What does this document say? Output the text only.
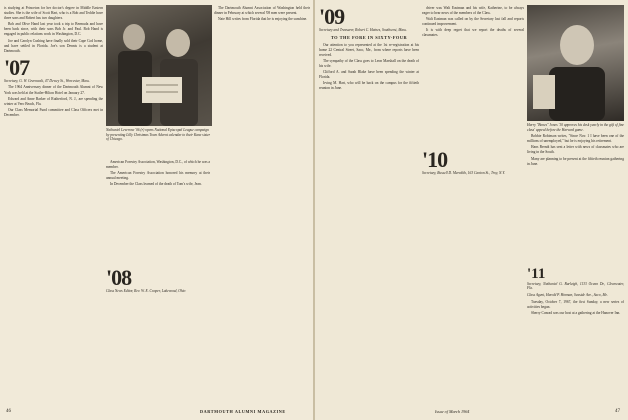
is studying at Princeton for her doctor's degree in Middle Eastern studies. She is the wife of Scott Hart, who is a Bob and Teddie have three sons and Robert has two daughters.

Bob and Olive Hand last year took a trip to Bermuda and have been back since, with their sons Bob Jr. and Paul. Bob Hand is engaged in public relations work in Washington, D.C.

Joe and Carolyn Cushing have finally sold their Cape Cod home, and have settled in Florida. Joe's son Dennis is a student at Dartmouth.

'07
Secretary, G. W. Greenwalt, 47 Dewey St., Worcester, Mass.

The 1964 Anniversary dinner of the Dartmouth Alumni of New York was held at the Statler-Hilton Hotel on January 27.

Edward and Anne Barker of Rutherford, N. J., are spending the winter at Vero Beach, Fla.

Our Class Memorial Fund committee and Class Officers met in December.

Nathaniel Leverone '06 (r) opens National Episcopal League campaign by presenting Lilly Christmas Town Advent calendar to their Kane sister of Chicago.

American Forestry Association, Washington, D.C., of which he was a member.

The American Forestry Association honored his memory at their annual meeting.

In December the Class learned of the death of Tom's wife, Jean.

'08
Class News Editor, Rev. W. E. Cooper, Lakewood, Ohio

The Dartmouth Alumni Association of Washington held their dinner in February at which several '08 men were present.

Nate Hill writes from Florida that he is enjoying the sunshine.

46	DARTMOUTH ALUMNI MAGAZINE
'09
Secretary and Treasurer, Robert C. Haines, Southwest, Mass.
TO THE FORE IN SIXTY-FOUR

Our attention to you represented at the 1st re-registration at his home 22 Central Street, Saco, Me., from where reports have been received.

The sympathy of the Class goes to Leon Marshall on the death of his wife.

Clifford A. and Sarah Blake have been spending the winter at Florida.

Irving M. Hart, who will be back on the campus for the fiftieth reunion in June.

driver was Walt Eastman and his wife, Katherine, to be always eager to hear news of the members of the Class.

Walt Eastman was called on by the Secretary last fall and reports continued improvement.

It is with deep regret that we report the deaths of several classmates.

'10
Secretary, Russell D. Meredith, 163 Canton St., Troy, N.Y.
Harry "Bones" Jones '10 approves his desk yearly in the gift of fine class' appeal before the Harvard game.

Bobbie Robinson writes, "Since Nov. 1 I have been one of the millions of unemployed," but he is enjoying his retirement.

Hans Berndt has sent a letter with news of classmates who are living in the South.

Many are planning to be present at the fiftieth reunion gathering in June.

'11
Secretary, Nathaniel G. Burleigh, 1133 Ocean Dr., Clearwater, Fla.
Class Agent, Harold P. Hinman, Seaside Ave., Saco, Me.

Tuesday, October 7, 1967, the first Sunday, a new series of activities began.

Sherry Conrad was our host at a gathering at the Hanover Inn.

Issue of March 1964	47
